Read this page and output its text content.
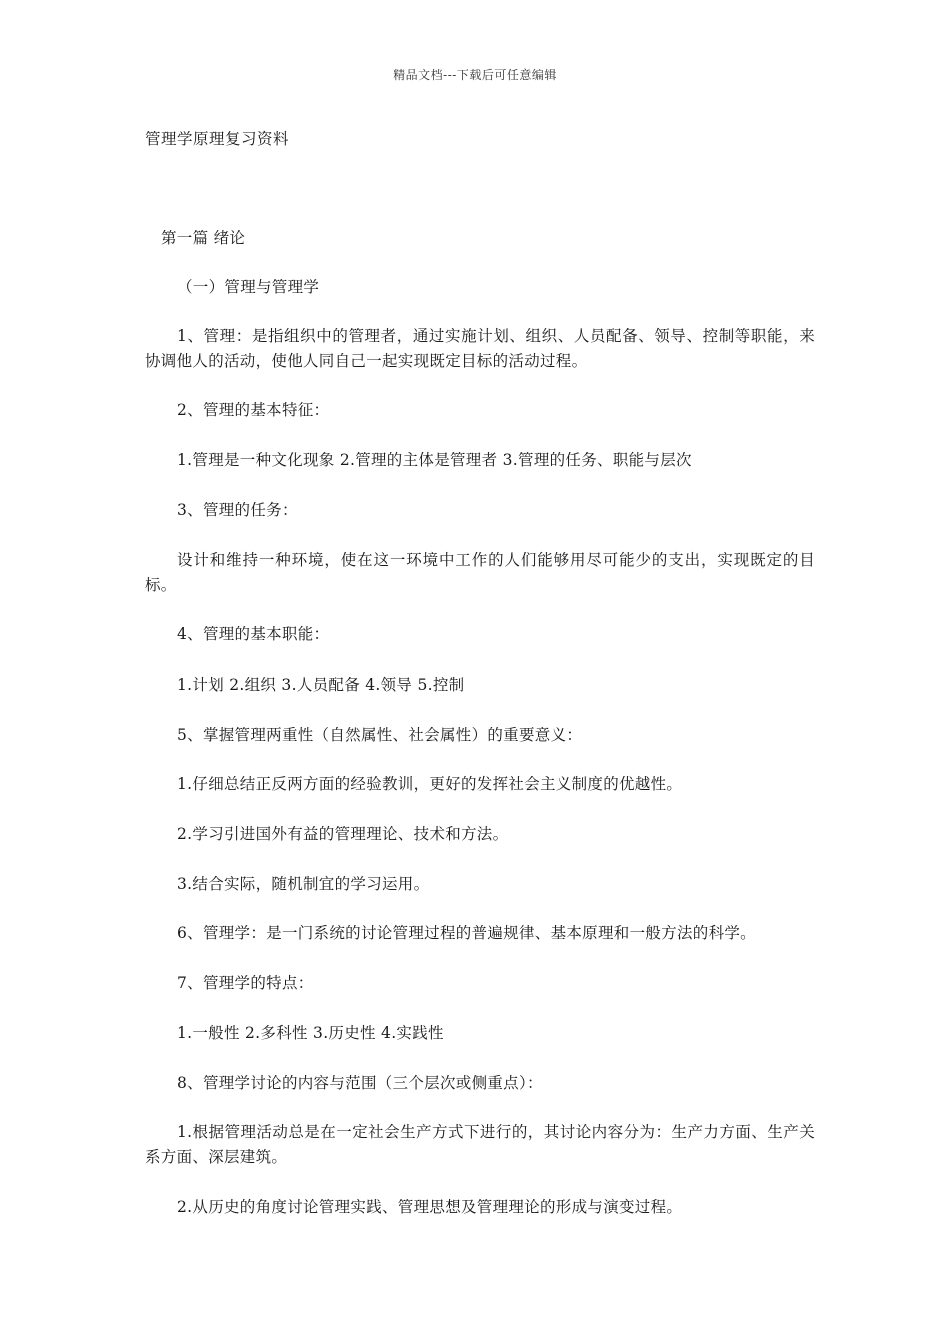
精品文档---下载后可任意编辑
管理学原理复习资料
第一篇 绪论
（一）管理与管理学
1、管理：是指组织中的管理者，通过实施计划、组织、人员配备、领导、控制等职能，来协调他人的活动，使他人同自己一起实现既定目标的活动过程。
2、管理的基本特征：
1.管理是一种文化现象 2.管理的主体是管理者 3.管理的任务、职能与层次
3、管理的任务：
设计和维持一种环境，使在这一环境中工作的人们能够用尽可能少的支出，实现既定的目标。
4、管理的基本职能：
1.计划 2.组织 3.人员配备 4.领导 5.控制
5、掌握管理两重性（自然属性、社会属性）的重要意义：
1.仔细总结正反两方面的经验教训，更好的发挥社会主义制度的优越性。
2.学习引进国外有益的管理理论、技术和方法。
3.结合实际，随机制宜的学习运用。
6、管理学：是一门系统的讨论管理过程的普遍规律、基本原理和一般方法的科学。
7、管理学的特点：
1.一般性 2.多科性 3.历史性 4.实践性
8、管理学讨论的内容与范围（三个层次或侧重点）：
1.根据管理活动总是在一定社会生产方式下进行的，其讨论内容分为：生产力方面、生产关系方面、深层建筑。
2.从历史的角度讨论管理实践、管理思想及管理理论的形成与演变过程。
